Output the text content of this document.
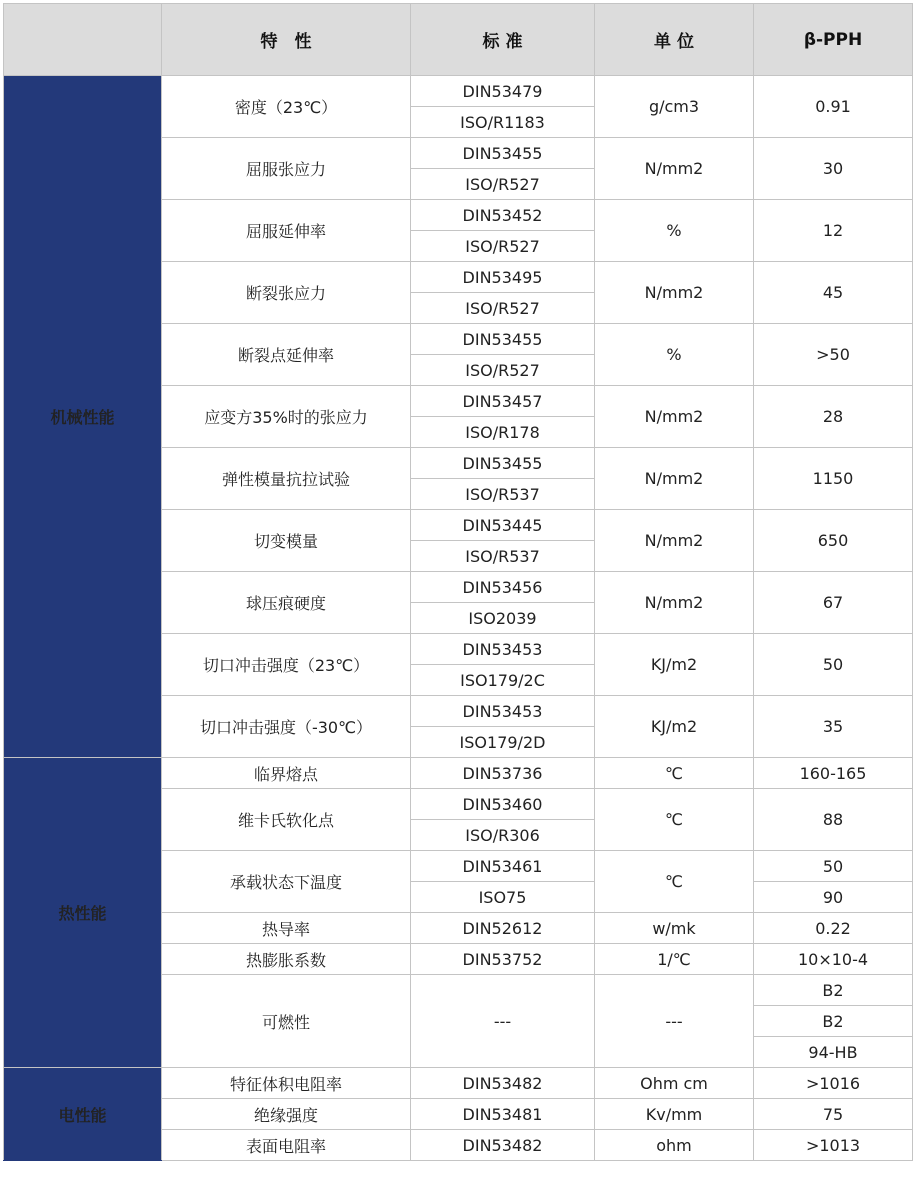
	特　性	标 准	单 位	β-PPH
机械性能	密度（23℃）	DIN53479	g/cm3	0.91
		ISO/R1183		
	屈服张应力	DIN53455	N/mm2	30
		ISO/R527		
	屈服延伸率	DIN53452	%	12
		ISO/R527		
	断裂张应力	DIN53495	N/mm2	45
		ISO/R527		
	断裂点延伸率	DIN53455	%	>50
		ISO/R527		
	应变方35%时的张应力	DIN53457	N/mm2	28
		ISO/R178		
	弹性模量抗拉试验	DIN53455	N/mm2	1150
		ISO/R537		
	切变模量	DIN53445	N/mm2	650
		ISO/R537		
	球压痕硬度	DIN53456	N/mm2	67
		ISO2039		
	切口冲击强度（23℃）	DIN53453	KJ/m2	50
		ISO179/2C		
	切口冲击强度（-30℃）	DIN53453	KJ/m2	35
		ISO179/2D		
热性能	临界熔点	DIN53736	℃	160-165
	维卡氏软化点	DIN53460	℃	88
		ISO/R306		
	承载状态下温度	DIN53461	℃	50
		ISO75		90
	热导率	DIN52612	w/mk	0.22
	热膨胀系数	DIN53752	1/℃	10×10-4
	可燃性	---	---	B2
				B2
				94-HB
电性能	特征体积电阻率	DIN53482	Ohm cm	>1016
	绝缘强度	DIN53481	Kv/mm	75
	表面电阻率	DIN53482	ohm	>1013
